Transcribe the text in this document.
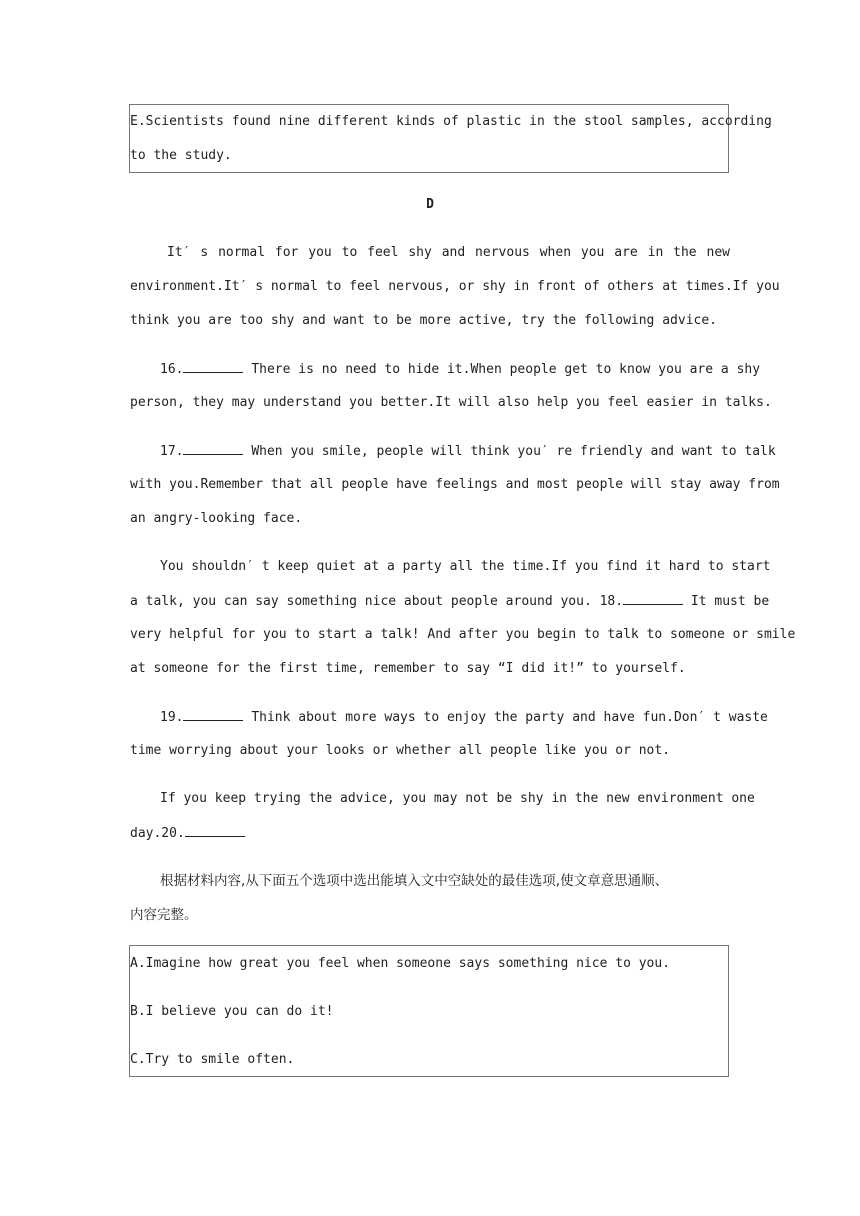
E.Scientists found nine different kinds of plastic in the stool samples, according
to the study.
D
It′ s normal for you to feel shy and nervous when you are in the new
environment.It′ s normal to feel nervous, or shy in front of others at times.If you
think you are too shy and want to be more active, try the following advice.
16.	There is no need to hide it.When people get to know you are a shy
person, they may understand you better.It will also help you feel easier in talks.
17.	When you smile, people will think you′ re friendly and want to talk
with you.Remember that all people have feelings and most people will stay away from
an angry-looking face.
You shouldn′ t keep quiet at a party all the time.If you find it hard to start
a talk, you can say something nice about people around you. 18.	It must be
very helpful for you to start a talk! And after you begin to talk to someone or smile
at someone for the first time, remember to say “I did it!” to yourself.
19.	Think about more ways to enjoy the party and have fun.Don′ t waste
time worrying about your looks or whether all people like you or not.
If you keep trying the advice, you may not be shy in the new environment one
day.20.
根据材料内容,从下面五个选项中选出能填入文中空缺处的最佳选项,使文章意思通顺、
内容完整。
A.Imagine how great you feel when someone says something nice to you.
B.I believe you can do it!
C.Try to smile often.
